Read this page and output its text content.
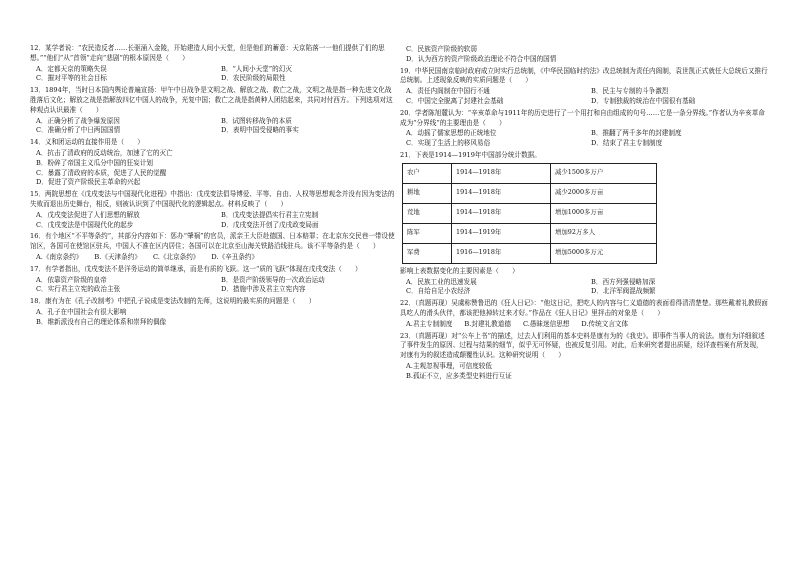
12．某学者说：“农民造反者……长驱涌入金陵，开始建造人间小天堂，但是他们的蓄意：天京陷落一一他们提供了们的思想。”“他们”从“首领”走向“悲剧”的根本原因是（　　）

A．定都天京的策略失误	B．“人间小天堂”的幻灭
C．摧对平等的社会目标	D．农民阶级的局限性

13．1894年，当时日本国内舆论普遍宣扬：甲午中日战争是文明之战、解放之战、救亡之战，文明之战是指一种先进文化战胜落后文化；解放之战是指解放四亿中国人的战争，光复中国；救亡之战是指黄种人团结起来，共同对付西方。下列选项对这种观点认识最准（　　）

A．正确分析了战争爆发原因	B．试图转移战争的本质
C．准确分析了中日两国国情	D．表明中国受侵略的事实

14．义和团运动的直接作用是（　　）

A．抗击了清政府的反动统治，加速了它的灭亡
B．粉碎了帝国主义瓜分中国的狂妄计划
C．暴露了清政府的本质，促进了人民的觉醒
D．促进了资产阶级民主革命的兴起

15．两院思想在《戊戌变法与中国现代化进程》中指出：戊戌变法倡导博爱、平等、自由、人权等思想观念并没有因为变法的失败而退出历史舞台，相反，则被认识到了中国现代化的逻辑起点。材料反映了（　　）

A．戊戌变法促进了人们思想的解放	B．戊戌变法提倡实行君主立宪制
C．戊戌变法是中国现代化的起步	D．戊戌变法开创了戊戌政变局面

16．有个地区“不平等条约”，其部分内容如下：惩办“肇祸”的官员，派亲王大臣赴德国、日本赔罪；在北京东交民巷一带设使馆区，各国可在使馆区驻兵，中国人不准在区内居住；各国可以在北京至山海关铁路沿线驻兵。该不平等条约是（　　）

A.《南京条约》 B.《天津条约》 C.《北京条约》 D.《辛丑条约》

17．有学者指出，戊戌变法不是洋务运动的简单继承，而是有质的飞跃。这一“质的飞跃”体现在戊戌变法（　　）

A．依靠资产阶级的皇帝	B．是资产阶级领导的一次政治运动
C．实行君主立宪的政治主张	D．措施中涉及君主立宪内容

18．康有为在《孔子改制考》中把孔子说成是变法改制的先师，这说明的最实质的问题是（　　）

A．孔子在中国社会有很大影响
B．维新派没有自己的理论体系和崇拜的偶像
C．民族资产阶级的软弱
D．认为西方的资产阶级政治理论不符合中国的国情

19．中华民国南京临时政府成立时实行总统制，《中华民国临时约法》改总统制为责任内阁制，袁世凯正式就任大总统后又推行总统制。上述现象反映的实质问题是（　　）

A．责任内阁制在中国行不通	B．民主与专制的斗争激烈
C．中国完全脱离了封建社会基础	D．专制独裁的统治在中国很有基础

20．学者陈旭麓认为：“辛亥革命与1911年的历史进行了一个用打和自由组成的句号……它是一条分界线。”作者认为辛亥革命成为“分界线”的主要理由是（　　）

A．动摇了儒家思想的正统地位	B．推翻了两千多年的封建制度
C．实现了生活上的移风易俗	D．结束了君主专制制度

21．下表是1914—1919年中国部分统计数据。

农户	1914—1918年	减少1500多万户
耕地	1914—1918年	减少2000多万亩
荒地	1914—1918年	增加1000多万亩
陈军	1914—1919年	增加92万多人
军费	1916—1918年	增加5000多万元

影响上表数据变化的主要因素是（　　）

A．民族工业的迅速发展	B．西方列强侵略加深
C．自给自足小农经济	D．北洋军阀混战频繁

22．（真题再现）吴虞称赞鲁迅的《狂人日记》：“他这日记，把吃人的内容与仁义道德的表面看得清清楚楚。那些戴着礼教假面具吃人的滑头伙伴，都该把他掉转过来才好。”作品在《狂人日记》里抨击的对象是（　　）

A.君主专制制度 B.封建礼教道德 C.愚昧迷信思想 D.传统文言文体

23．（真题再现）对“公车上书”的描述，过去人们利用的基本史料是康有为的《我史》。即事件当事人的说法。康有为详细叙述了事件发生的原因、过程与结果的细节，似乎无可怀疑，也被反复引用。对此，后来研究者提出质疑，经详查档案有所发现，对康有为的叙述造成颠覆性认识。这种研究说明（　　）

A.主观忽视事理，可信度较低
B.孤证不立，应多类型史料进行互证
